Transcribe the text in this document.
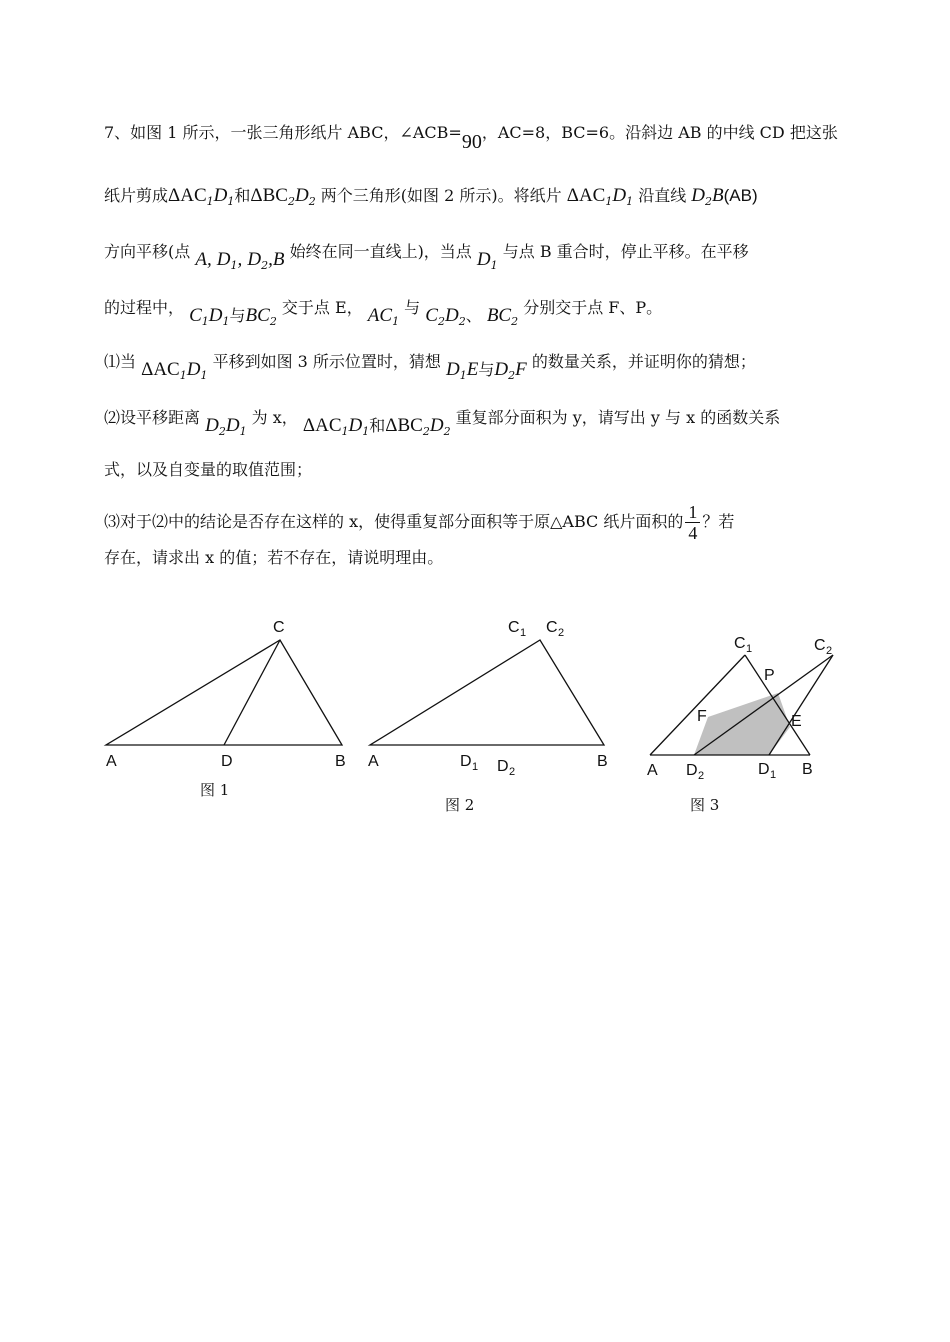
7、如图 1 所示，一张三角形纸片 ABC，∠ACB=90，AC=8，BC=6。沿斜边 AB 的中线 CD 把这张
纸片剪成$\Delta AC_1D_1$和$\Delta BC_2D_2$ 两个三角形(如图 2 所示)。将纸片 $\Delta AC_1D_1$ 沿直线 $D_2B(AB)$
方向平移(点 A, $D_1$, $D_2,B$ 始终在同一直线上)，当点 $D_1$ 与点 B 重合时，停止平移。在平移
的过程中， $C_1D_1$与$BC_2$ 交于点 E， $AC_1$ 与 $C_2D_2$、 $BC_2$ 分别交于点 F、P。
⑴当 $\Delta AC_1D_1$ 平移到如图 3 所示位置时，猜想 $D_1E$与$D_2F$ 的数量关系，并证明你的猜想；
⑵设平移距离 $D_2D_1$ 为 x， $\Delta AC_1D_1$和$\Delta BC_2D_2$ 重复部分面积为 y，请写出 y 与 x 的函数关系
式，以及自变量的取值范围；
⑶对于⑵中的结论是否存在这样的 x，使得重复部分面积等于原△ABC 纸片面积的 $\frac{1}{4}$ ？若
存在，请求出 x 的值；若不存在，请说明理由。
C
A	D	B
图 1
C 1 C 2
A	D 1 D 2
B
图 2
C 1	C 2
P
F	E
A D 2	D 1 B
图 3
